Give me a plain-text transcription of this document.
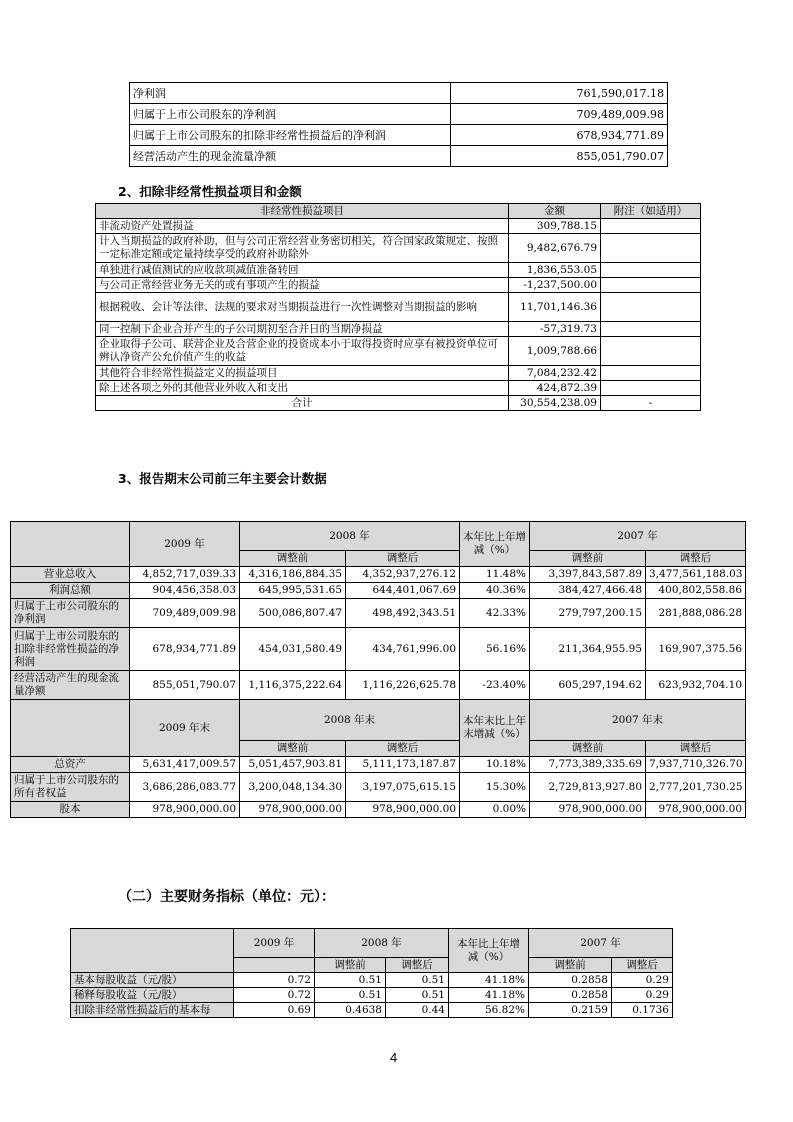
净利润	761,590,017.18
归属于上市公司股东的净利润	709,489,009.98
归属于上市公司股东的扣除非经常性损益后的净利润	678,934,771.89
经营活动产生的现金流量净额	855,051,790.07
2、扣除非经常性损益项目和金额
非经常性损益项目	金额	附注（如适用）
非流动资产处置损益	309,788.15	
计入当期损益的政府补助，但与公司正常经营业务密切相关，符合国家政策规定、按照一定标准定额或定量持续享受的政府补助除外	9,482,676.79	
单独进行减值测试的应收款项减值准备转回	1,836,553.05	
与公司正常经营业务无关的或有事项产生的损益	-1,237,500.00	
根据税收、会计等法律、法规的要求对当期损益进行一次性调整对当期损益的影响	11,701,146.36	
同一控制下企业合并产生的子公司期初至合并日的当期净损益	-57,319.73	
企业取得子公司、联营企业及合营企业的投资成本小于取得投资时应享有被投资单位可辨认净资产公允价值产生的收益	1,009,788.66	
其他符合非经常性损益定义的损益项目	7,084,232.42	
除上述各项之外的其他营业外收入和支出	424,872.39	
合计	30,554,238.09	-
3、报告期末公司前三年主要会计数据
	2009 年	2008 年		本年比上年增减（%）	2007 年	
		调整前	调整后		调整前	调整后
营业总收入	4,852,717,039.33	4,316,186,884.35	4,352,937,276.12	11.48%	3,397,843,587.89	3,477,561,188.03
利润总额	904,456,358.03	645,995,531.65	644,401,067.69	40.36%	384,427,466.48	400,802,558.86
归属于上市公司股东的净利润	709,489,009.98	500,086,807.47	498,492,343.51	42.33%	279,797,200.15	281,888,086.28
归属于上市公司股东的扣除非经常性损益的净利润	678,934,771.89	454,031,580.49	434,761,996.00	56.16%	211,364,955.95	169,907,375.56
经营活动产生的现金流量净额	855,051,790.07	1,116,375,222.64	1,116,226,625.78	-23.40%	605,297,194.62	623,932,704.10
	2009 年末	2008 年末		本年末比上年末增减（%）	2007 年末	
		调整前	调整后		调整前	调整后
总资产	5,631,417,009.57	5,051,457,903.81	5,111,173,187.87	10.18%	7,773,389,335.69	7,937,710,326.70
归属于上市公司股东的所有者权益	3,686,286,083.77	3,200,048,134.30	3,197,075,615.15	15.30%	2,729,813,927.80	2,777,201,730.25
股本	978,900,000.00	978,900,000.00	978,900,000.00	0.00%	978,900,000.00	978,900,000.00
（二）主要财务指标（单位：元）：
	2009 年	2008 年		本年比上年增减（%）	2007 年	
		调整前	调整后		调整前	调整后
基本每股收益（元/股）	0.72	0.51	0.51	41.18%	0.2858	0.29
稀释每股收益（元/股）	0.72	0.51	0.51	41.18%	0.2858	0.29
扣除非经常性损益后的基本每	0.69	0.4638	0.44	56.82%	0.2159	0.1736
4
